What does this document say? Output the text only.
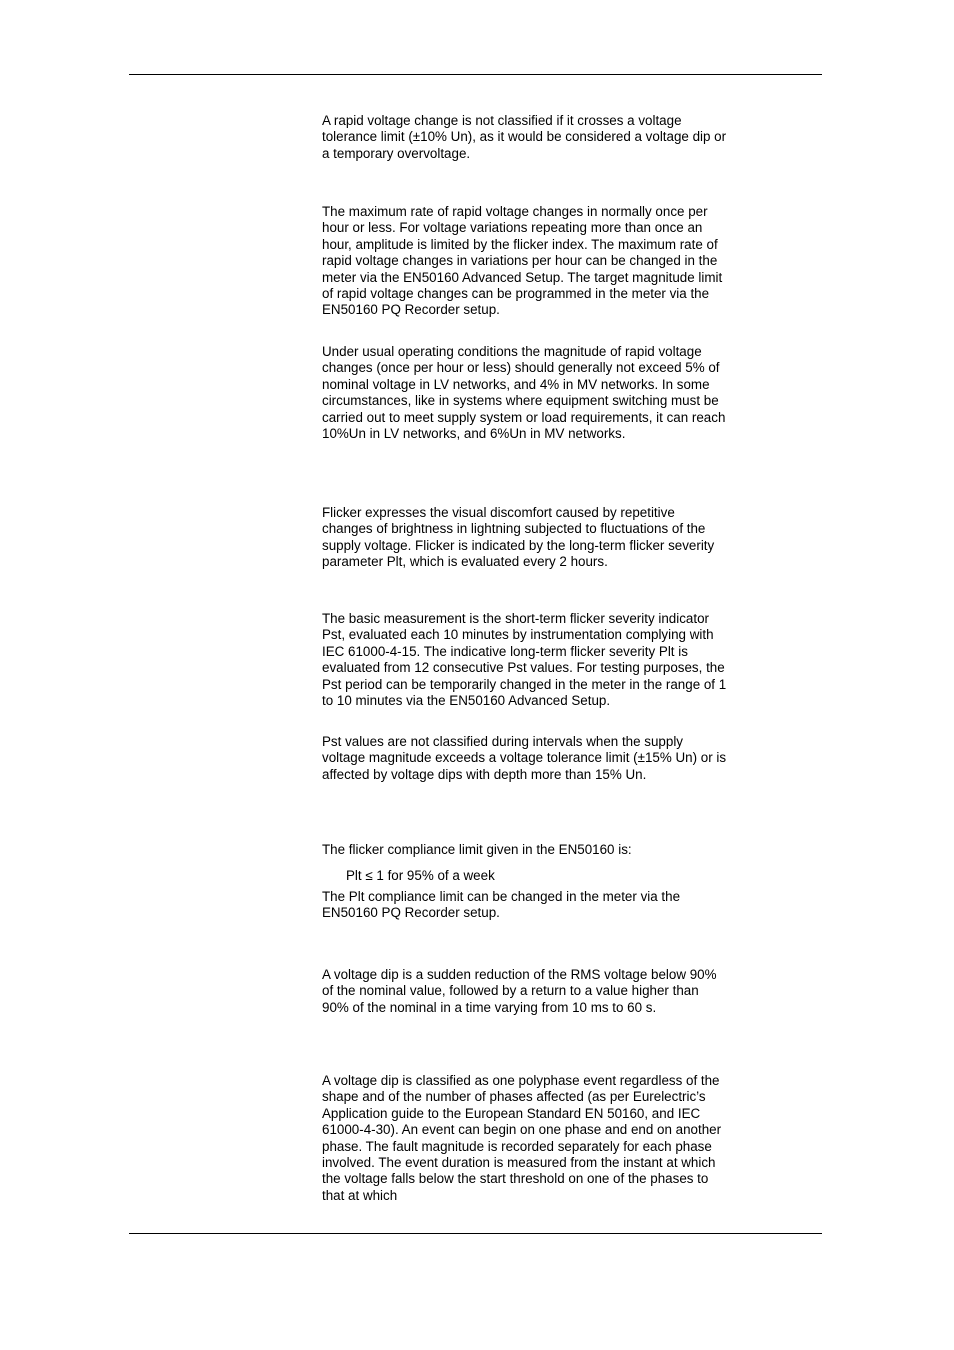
A rapid voltage change is not classified if it crosses a voltage tolerance limit (±10% Un), as it would be considered a voltage dip or a temporary overvoltage.

The maximum rate of rapid voltage changes in normally once per hour or less. For voltage variations repeating more than once an hour, amplitude is limited by the flicker index. The maximum rate of rapid voltage changes in variations per hour can be changed in the meter via the EN50160 Advanced Setup. The target magnitude limit of rapid voltage changes can be programmed in the meter via the EN50160 PQ Recorder setup.

Under usual operating conditions the magnitude of rapid voltage changes (once per hour or less) should generally not exceed 5% of nominal voltage in LV networks, and 4% in MV networks. In some circumstances, like in systems where equipment switching must be carried out to meet supply system or load requirements, it can reach 10%Un in LV networks, and 6%Un in MV networks.

Flicker expresses the visual discomfort caused by repetitive changes of brightness in lightning subjected to fluctuations of the supply voltage. Flicker is indicated by the long-term flicker severity parameter Plt, which is evaluated every 2 hours.

The basic measurement is the short-term flicker severity indicator Pst, evaluated each 10 minutes by instrumentation complying with IEC 61000-4-15. The indicative long-term flicker severity Plt is evaluated from 12 consecutive Pst values. For testing purposes, the Pst period can be temporarily changed in the meter in the range of 1 to 10 minutes via the EN50160 Advanced Setup.

Pst values are not classified during intervals when the supply voltage magnitude exceeds a voltage tolerance limit (±15% Un) or is affected by voltage dips with depth more than 15% Un.

The flicker compliance limit given in the EN50160 is:

Plt ≤ 1 for 95% of a week

The Plt compliance limit can be changed in the meter via the EN50160 PQ Recorder setup.

A voltage dip is a sudden reduction of the RMS voltage below 90% of the nominal value, followed by a return to a value higher than 90% of the nominal in a time varying from 10 ms to 60 s.

A voltage dip is classified as one polyphase event regardless of the shape and of the number of phases affected (as per Eurelectric’s Application guide to the European Standard EN 50160, and IEC 61000-4-30). An event can begin on one phase and end on another phase. The fault magnitude is recorded separately for each phase involved. The event duration is measured from the instant at which the voltage falls below the start threshold on one of the phases to that at which
